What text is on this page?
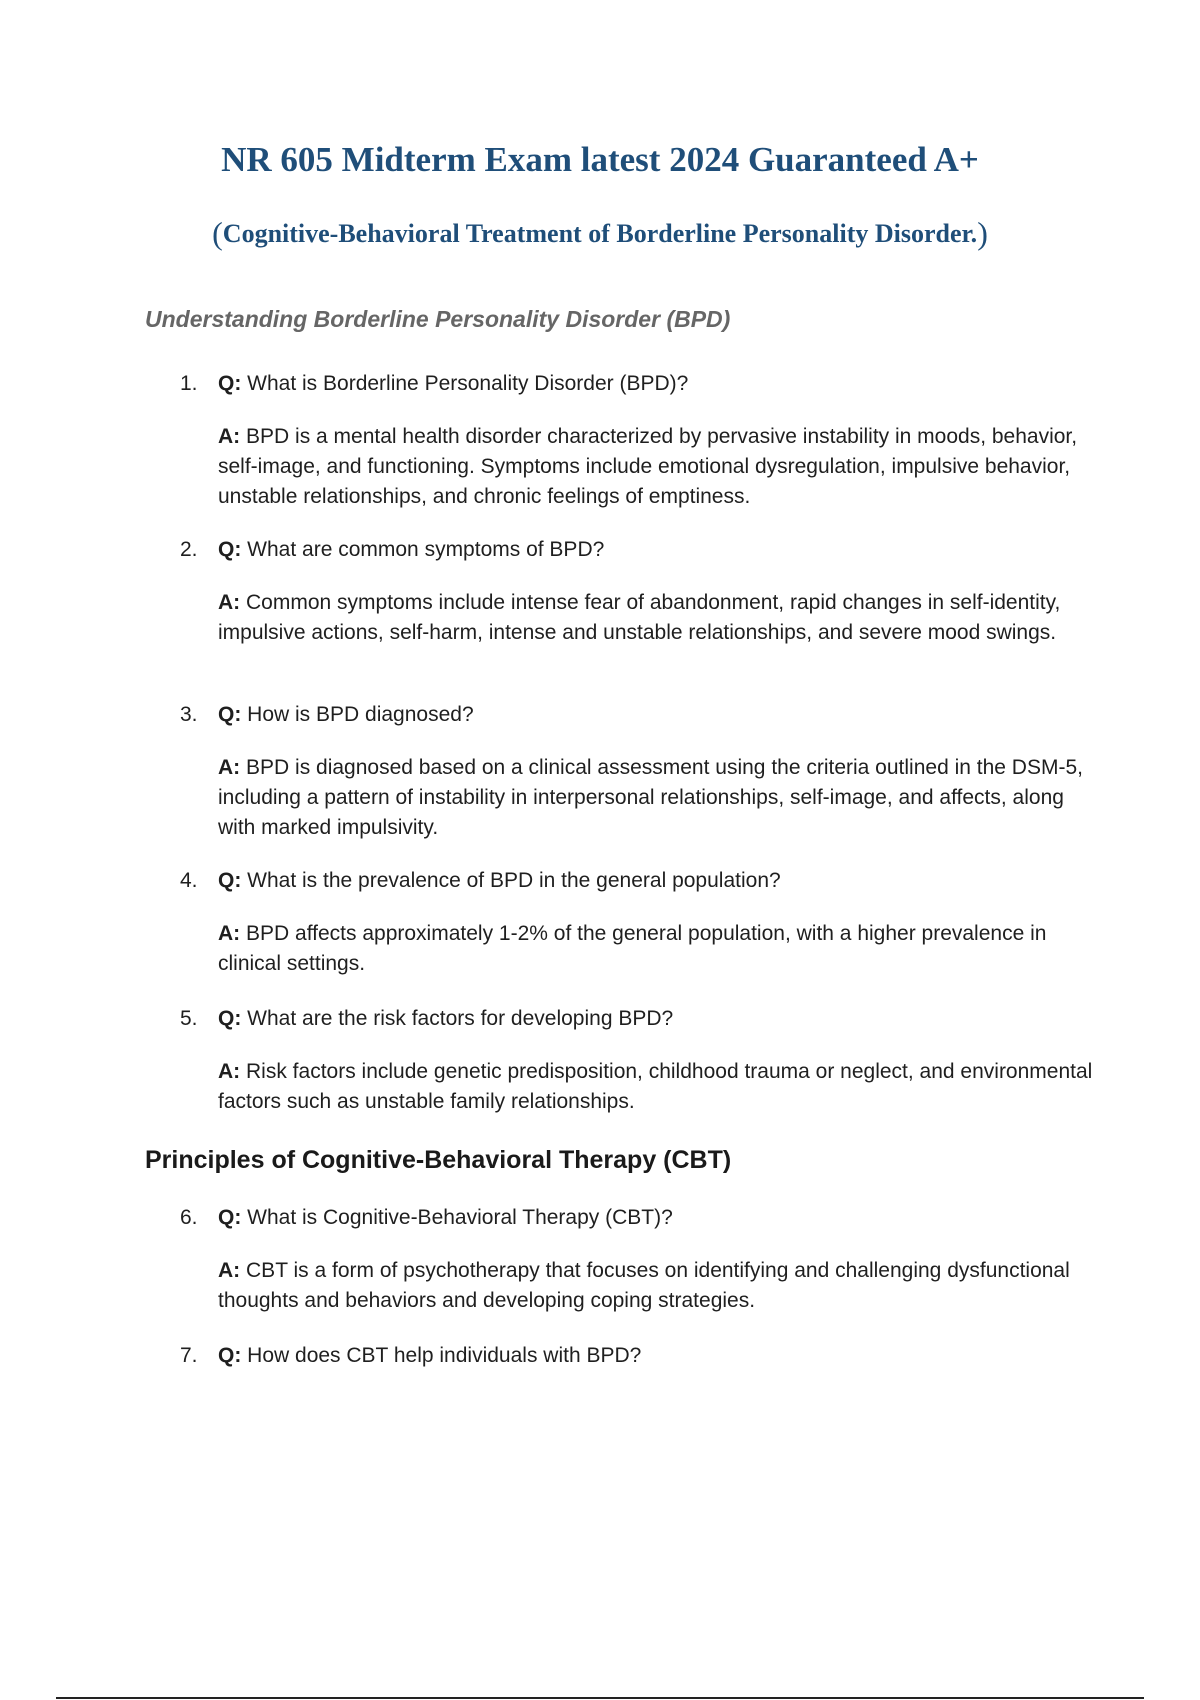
NR 605 Midterm Exam latest 2024 Guaranteed A+
(Cognitive-Behavioral Treatment of Borderline Personality Disorder.)
Understanding Borderline Personality Disorder (BPD)

1. Q: What is Borderline Personality Disorder (BPD)?

A: BPD is a mental health disorder characterized by pervasive instability in moods, behavior, self-image, and functioning. Symptoms include emotional dysregulation, impulsive behavior, unstable relationships, and chronic feelings of emptiness.

2. Q: What are common symptoms of BPD?

A: Common symptoms include intense fear of abandonment, rapid changes in self-identity, impulsive actions, self-harm, intense and unstable relationships, and severe mood swings.

3. Q: How is BPD diagnosed?

A: BPD is diagnosed based on a clinical assessment using the criteria outlined in the DSM-5, including a pattern of instability in interpersonal relationships, self-image, and affects, along with marked impulsivity.

4. Q: What is the prevalence of BPD in the general population?

A: BPD affects approximately 1-2% of the general population, with a higher prevalence in clinical settings.

5. Q: What are the risk factors for developing BPD?

A: Risk factors include genetic predisposition, childhood trauma or neglect, and environmental factors such as unstable family relationships.

Principles of Cognitive-Behavioral Therapy (CBT)

6. Q: What is Cognitive-Behavioral Therapy (CBT)?

A: CBT is a form of psychotherapy that focuses on identifying and challenging dysfunctional thoughts and behaviors and developing coping strategies.

7. Q: How does CBT help individuals with BPD?
